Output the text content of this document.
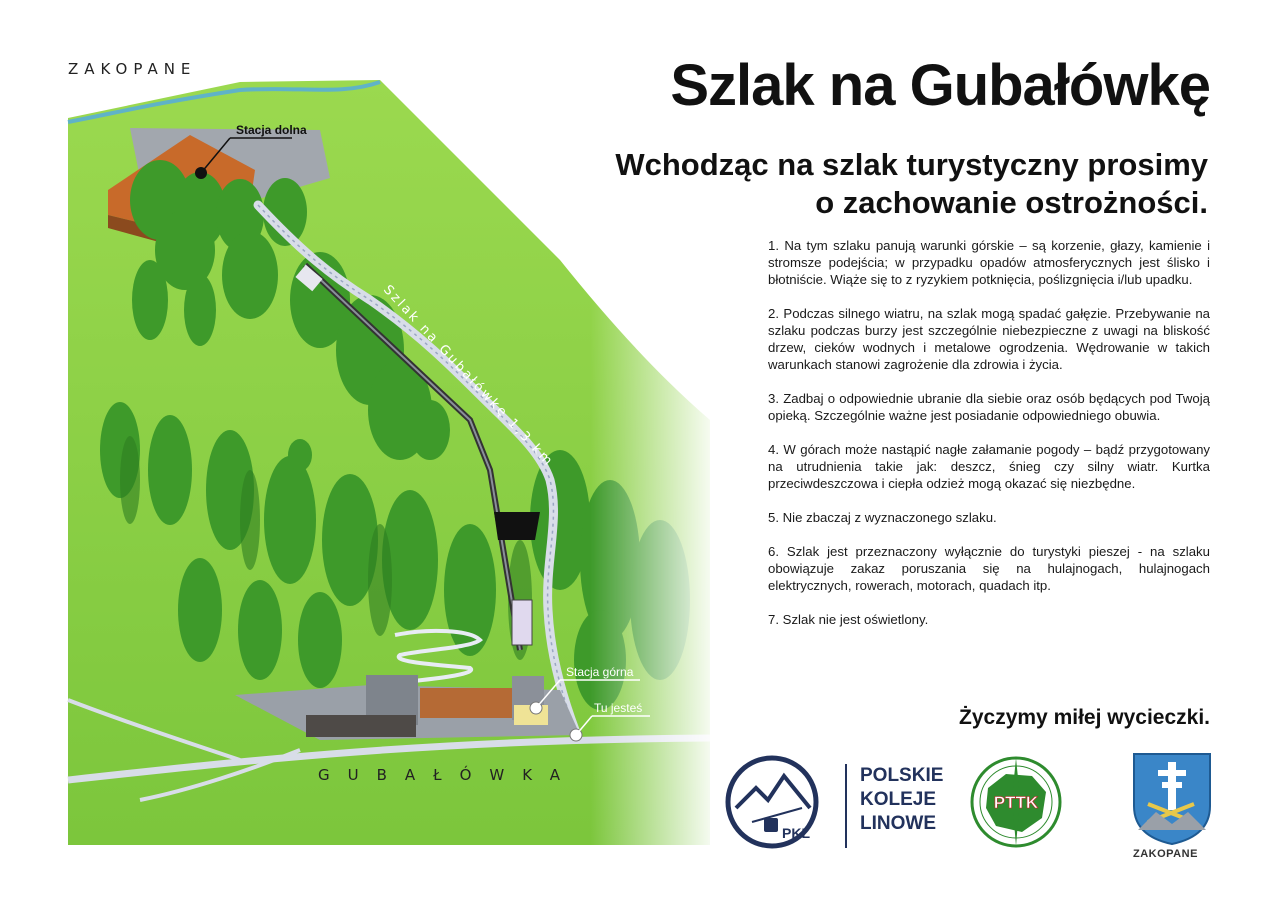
ZAKOPANE
GUBAŁÓWKA
Szlak na Gubałówkę
Wchodząc na szlak turystyczny prosimy
o zachowanie ostrożności.

1. Na tym szlaku panują warunki górskie – są korzenie, głazy, kamienie i stromsze podejścia; w przypadku opadów atmosferycznych jest ślisko i błotniście. Wiąże się to z ryzykiem potknięcia, poślizgnięcia i/lub upadku.

2. Podczas silnego wiatru, na szlak mogą spadać gałęzie. Przebywanie na szlaku podczas burzy jest szczególnie niebezpieczne z uwagi na bliskość drzew, cieków wodnych i metalowe ogrodzenia. Wędrowanie w takich warunkach stanowi zagrożenie dla zdrowia i życia.

3. Zadbaj o odpowiednie ubranie dla siebie oraz osób będących pod Twoją opieką. Szczególnie ważne jest posiadanie odpowiedniego obuwia.

4. W górach może nastąpić nagłe załamanie pogody – bądź przygotowany na utrudnienia takie jak: deszcz, śnieg czy silny wiatr. Kurtka przeciwdeszczowa i ciepła odzież mogą okazać się niezbędne.

5. Nie zbaczaj z wyznaczonego szlaku.

6. Szlak jest przeznaczony wyłącznie do turystyki pieszej - na szlaku obowiązuje zakaz poruszania się na hulajnogach, hulajnogach elektrycznych, rowerach, motorach, quadach itp.

7. Szlak nie jest oświetlony.

Życzymy miłej wycieczki.
PKL
POLSKIE
KOLEJE
LINOWE
PTTK
ZAKOPANE
